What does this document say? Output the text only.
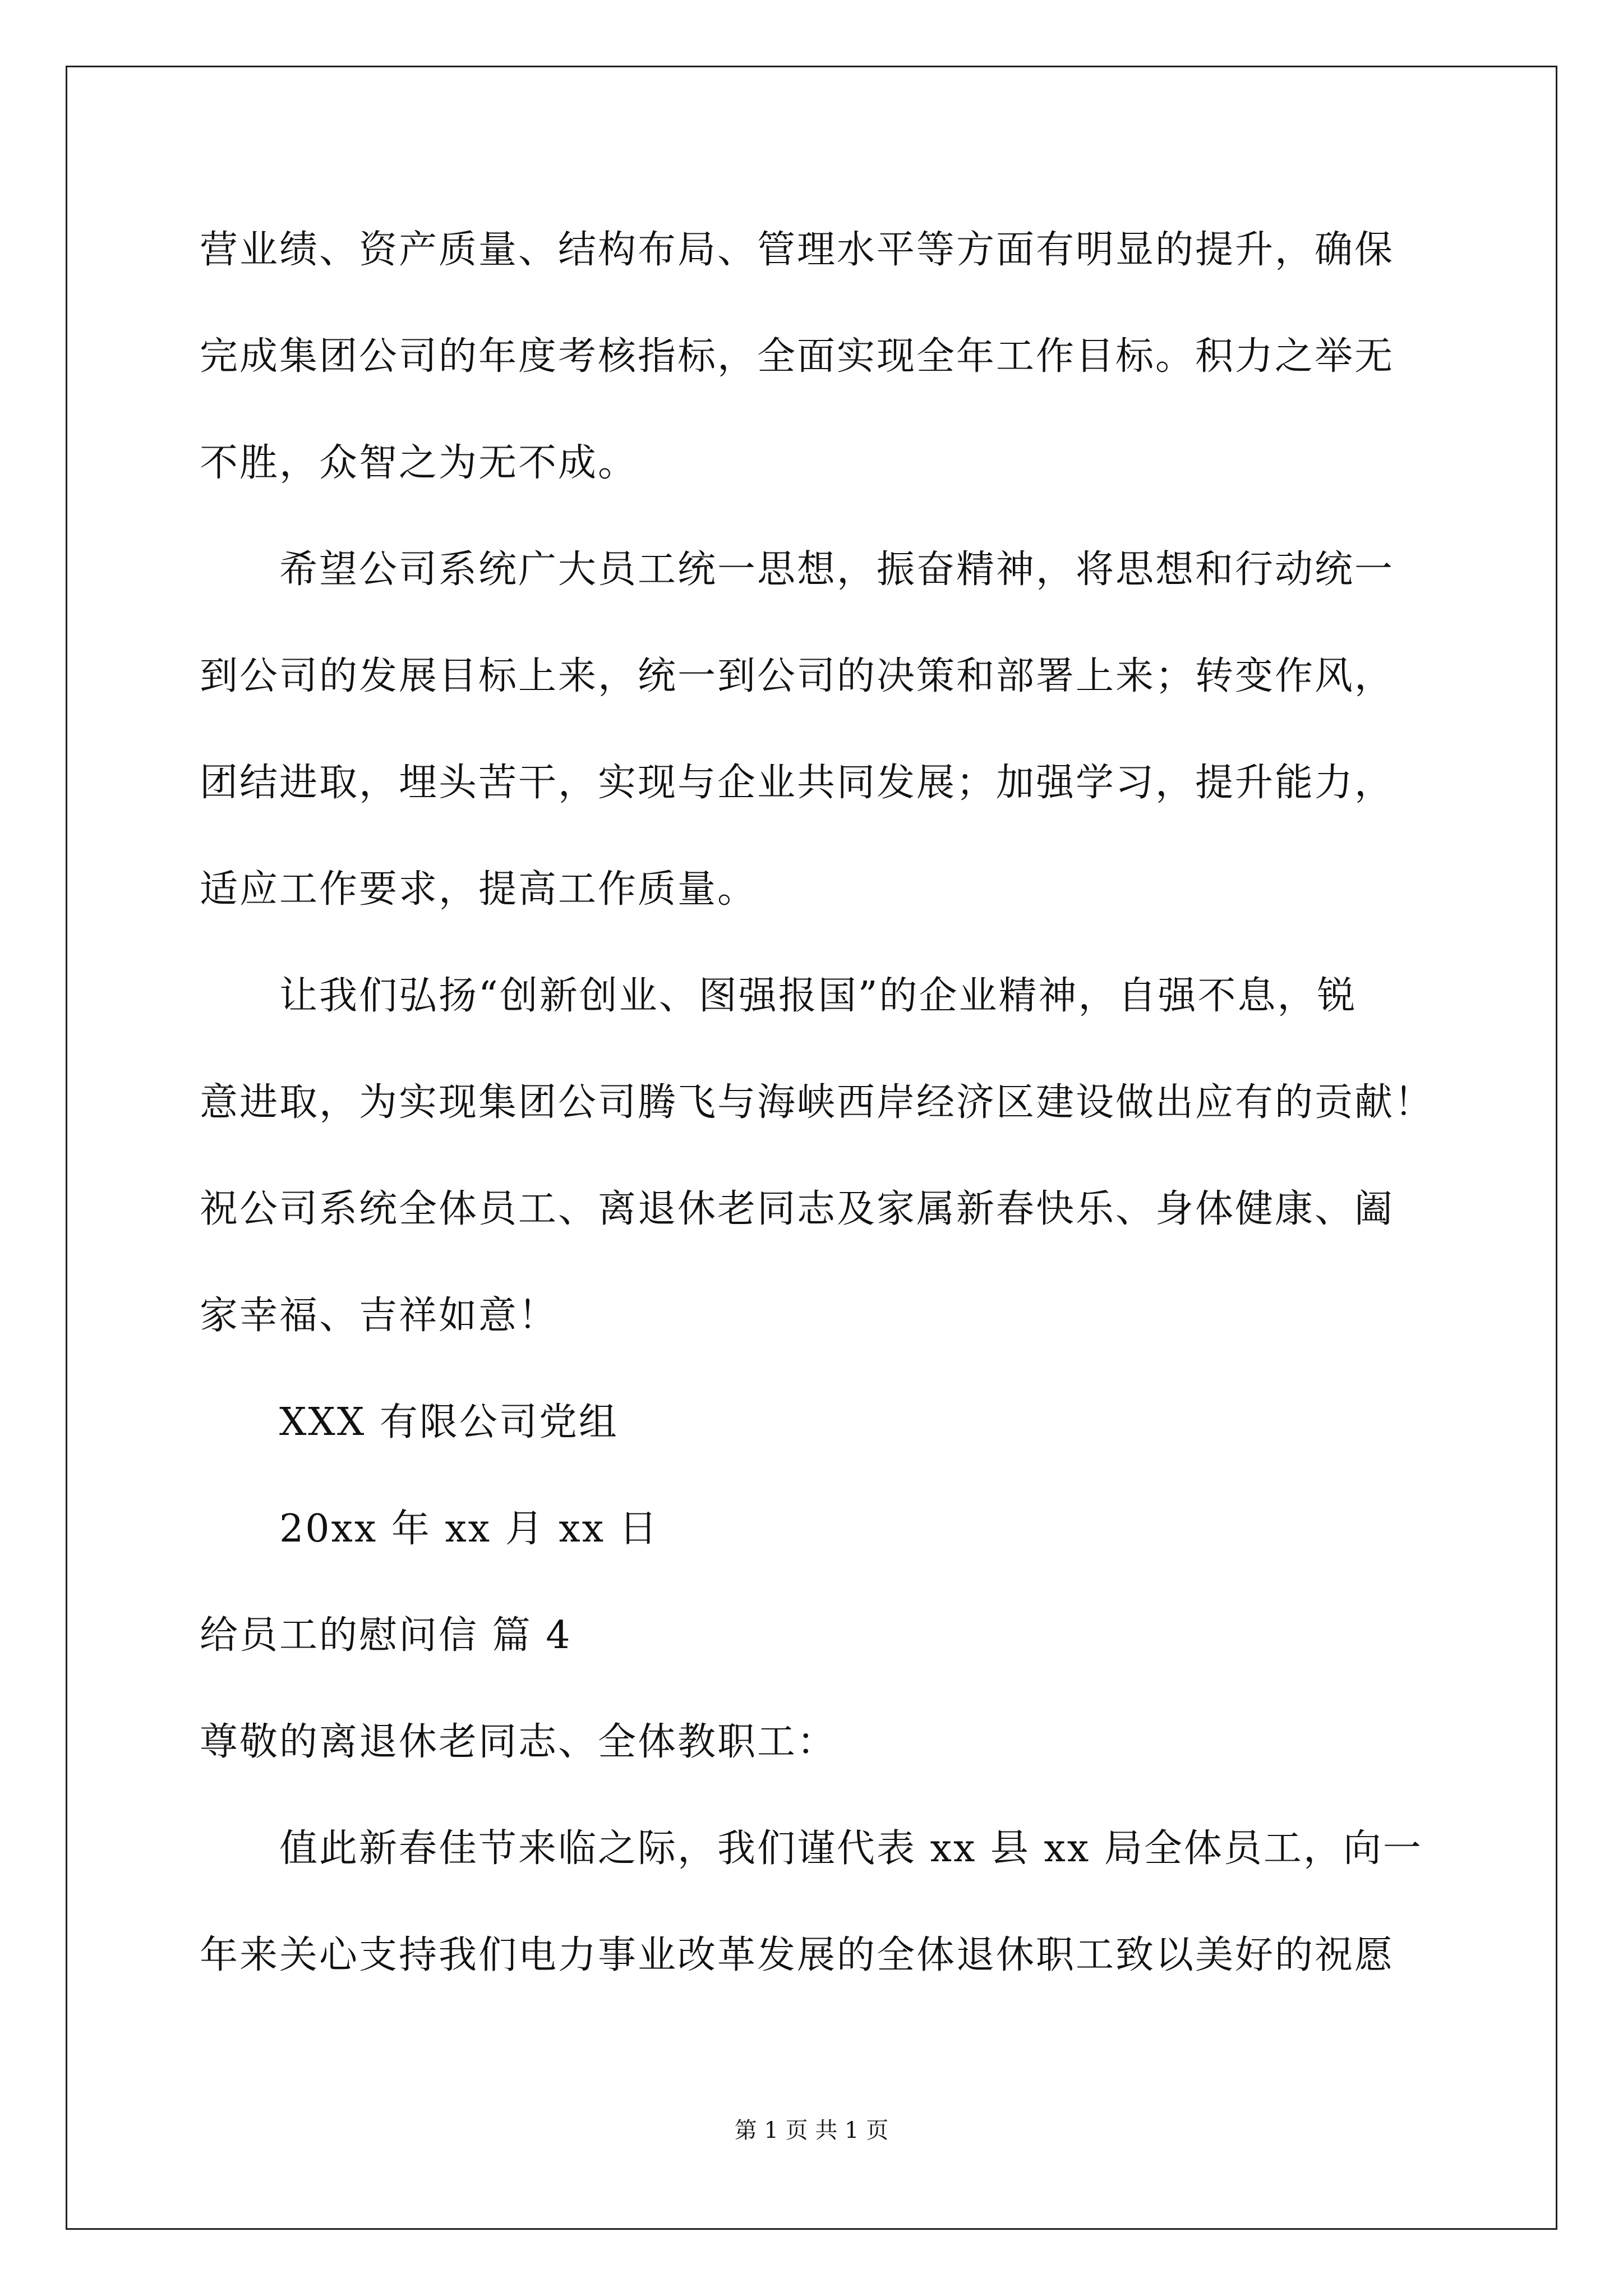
营业绩、资产质量、结构布局、管理水平等方面有明显的提升，确保
完成集团公司的年度考核指标，全面实现全年工作目标。积力之举无
不胜，众智之为无不成。
希望公司系统广大员工统一思想，振奋精神，将思想和行动统一
到公司的发展目标上来，统一到公司的决策和部署上来；转变作风，
团结进取，埋头苦干，实现与企业共同发展；加强学习，提升能力，
适应工作要求，提高工作质量。
让我们弘扬“创新创业、图强报国”的企业精神，自强不息，锐
意进取，为实现集团公司腾飞与海峡西岸经济区建设做出应有的贡献！
祝公司系统全体员工、离退休老同志及家属新春快乐、身体健康、阖
家幸福、吉祥如意！
XXX 有限公司党组
20xx 年 xx 月 xx 日
给员工的慰问信 篇 4
尊敬的离退休老同志、全体教职工：
值此新春佳节来临之际，我们谨代表 xx 县 xx 局全体员工，向一
年来关心支持我们电力事业改革发展的全体退休职工致以美好的祝愿
第 1 页 共 1 页
